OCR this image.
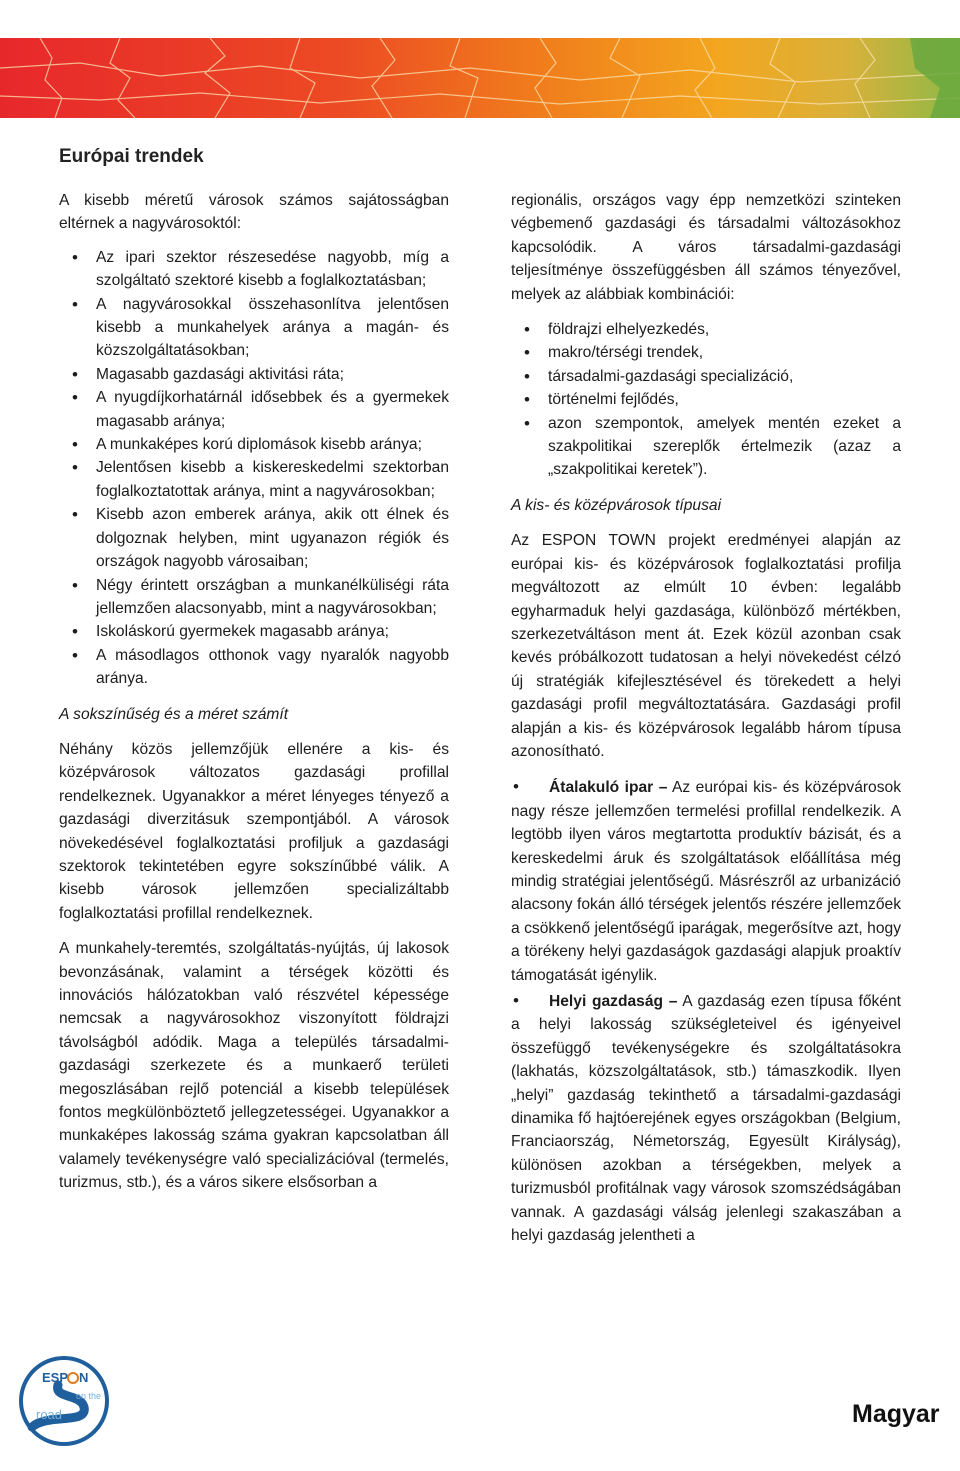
Európai trendek

A kisebb méretű városok számos sajátosságban eltérnek a nagyvárosoktól:

• Az ipari szektor részesedése nagyobb, míg a szolgáltató szektoré kisebb a foglalkoztatásban;
• A nagyvárosokkal összehasonlítva jelentősen kisebb a munkahelyek aránya a magán- és közszolgáltatásokban;
• Magasabb gazdasági aktivitási ráta;
• A nyugdíjkorhatárnál idősebbek és a gyermekek magasabb aránya;
• A munkaképes korú diplomások kisebb aránya;
• Jelentősen kisebb a kiskereskedelmi szektorban foglalkoztatottak aránya, mint a nagyvárosokban;
• Kisebb azon emberek aránya, akik ott élnek és dolgoznak helyben, mint ugyanazon régiók és országok nagyobb városaiban;
• Négy érintett országban a munkanélküliségi ráta jellemzően alacsonyabb, mint a nagyvárosokban;
• Iskoláskorú gyermekek magasabb aránya;
• A másodlagos otthonok vagy nyaralók nagyobb aránya.

A sokszínűség és a méret számít

Néhány közös jellemzőjük ellenére a kis- és középvárosok változatos gazdasági profillal rendelkeznek. Ugyanakkor a méret lényeges tényező a gazdasági diverzitásuk szempontjából. A városok növekedésével foglalkoztatási profiljuk a gazdasági szektorok tekintetében egyre sokszínűbbé válik. A kisebb városok jellemzően specializáltabb foglalkoztatási profillal rendelkeznek.

A munkahely-teremtés, szolgáltatás-nyújtás, új lakosok bevonzásának, valamint a térségek közötti és innovációs hálózatokban való részvétel képessége nemcsak a nagyvárosokhoz viszonyított földrajzi távolságból adódik. Maga a település társadalmi-gazdasági szerkezete és a munkaerő területi megoszlásában rejlő potenciál a kisebb települések fontos megkülönböztető jellegzetességei. Ugyanakkor a munkaképes lakosság száma gyakran kapcsolatban áll valamely tevékenységre való specializációval (termelés, turizmus, stb.), és a város sikere elsősorban a

regionális, országos vagy épp nemzetközi szinteken végbemenő gazdasági és társadalmi változásokhoz kapcsolódik. A város társadalmi-gazdasági teljesítménye összefüggésben áll számos tényezővel, melyek az alábbiak kombinációi:

• földrajzi elhelyezkedés,
• makro/térségi trendek,
• társadalmi-gazdasági specializáció,
• történelmi fejlődés,
• azon szempontok, amelyek mentén ezeket a szakpolitikai szereplők értelmezik (azaz a „szakpolitikai keretek”).

A kis- és középvárosok típusai

Az ESPON TOWN projekt eredményei alapján az európai kis- és középvárosok foglalkoztatási profilja megváltozott az elmúlt 10 évben: legalább egyharmaduk helyi gazdasága, különböző mértékben, szerkezetváltáson ment át. Ezek közül azonban csak kevés próbálkozott tudatosan a helyi növekedést célzó új stratégiák kifejlesztésével és törekedett a helyi gazdasági profil megváltoztatására. Gazdasági profil alapján a kis- és középvárosok legalább három típusa azonosítható.

• Átalakuló ipar – Az európai kis- és középvárosok nagy része jellemzően termelési profillal rendelkezik. A legtöbb ilyen város megtartotta produktív bázisát, és a kereskedelmi áruk és szolgáltatások előállítása még mindig stratégiai jelentőségű. Másrészről az urbanizáció alacsony fokán álló térségek jelentős részére jellemzőek a csökkenő jelentőségű iparágak, megerősítve azt, hogy a törékeny helyi gazdaságok gazdasági alapjuk proaktív támogatását igénylik.

• Helyi gazdaság – A gazdaság ezen típusa főként a helyi lakosság szükségleteivel és igényeivel összefüggő tevékenységekre és szolgáltatásokra (lakhatás, közszolgáltatások, stb.) támaszkodik. Ilyen „helyi” gazdaság tekinthető a társadalmi-gazdasági dinamika fő hajtóerejének egyes országokban (Belgium, Franciaország, Németország, Egyesült Királyság), különösen azokban a térségekben, melyek a turizmusból profitálnak vagy városok szomszédságában vannak. A gazdasági válság jelenlegi szakaszában a helyi gazdaság jelentheti a

ESP N
on the
road	Magyar
